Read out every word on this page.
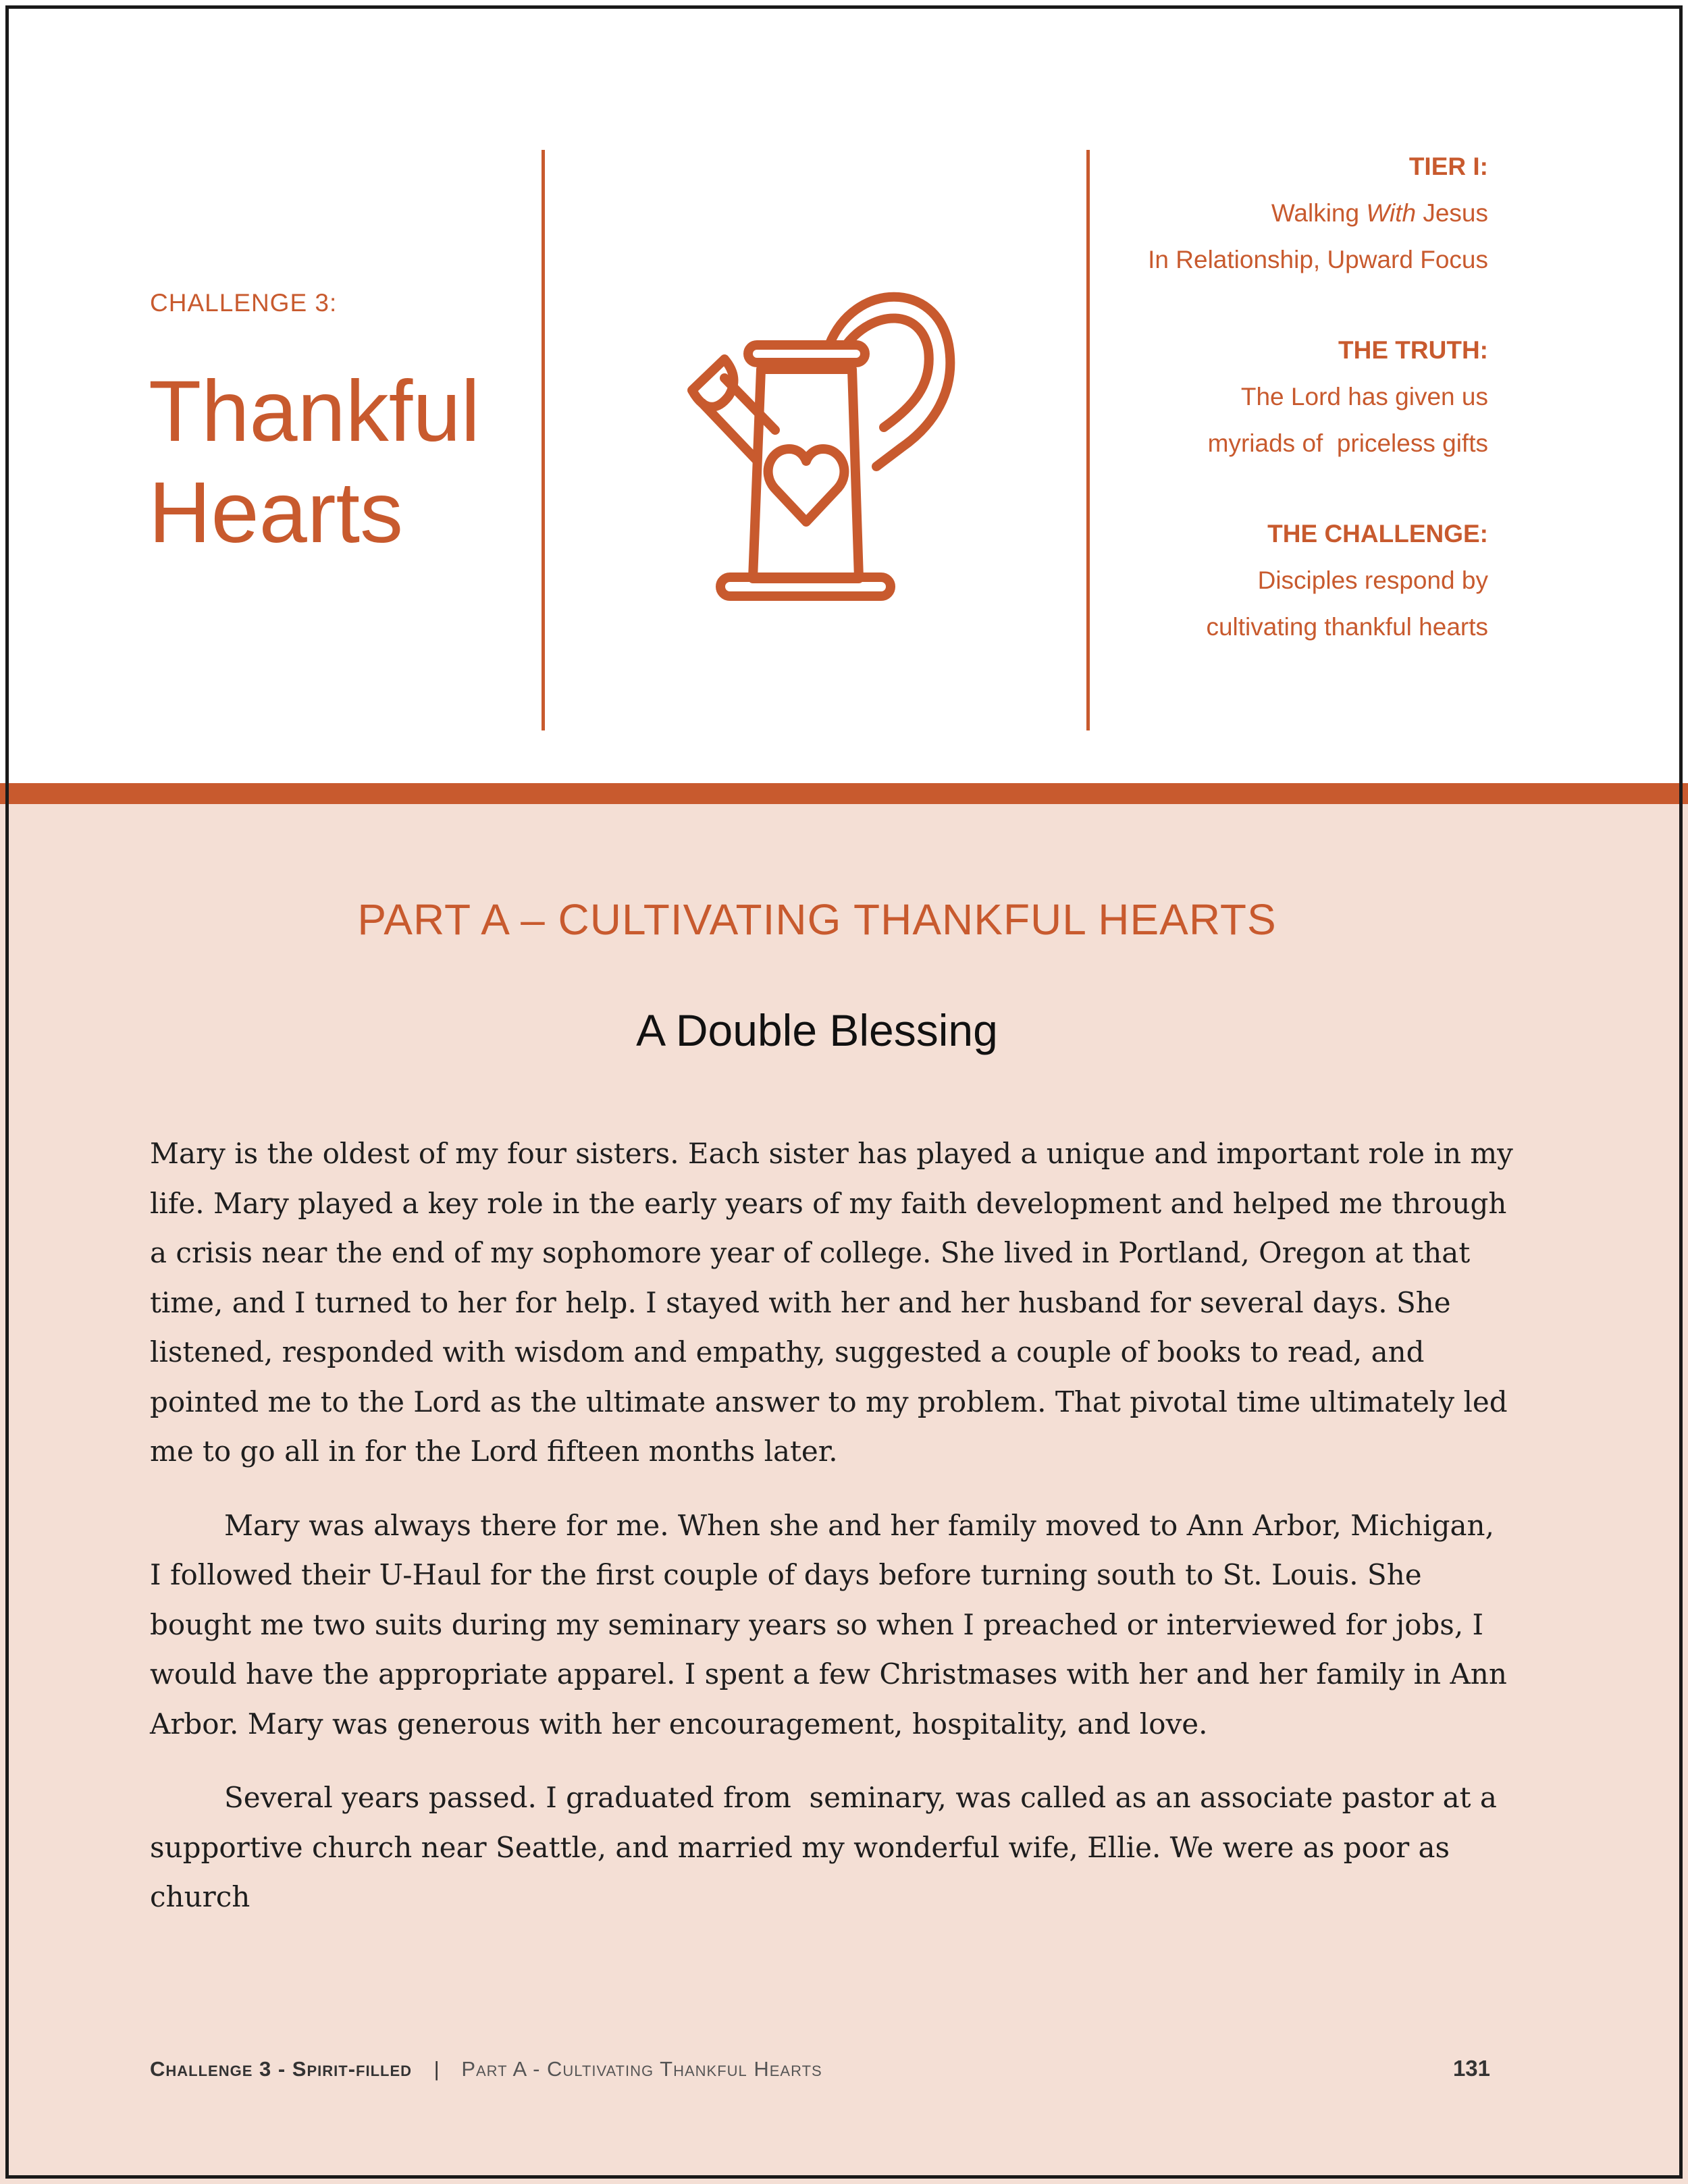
CHALLENGE 3:
Thankful
Hearts
TIER I:
Walking With Jesus
In Relationship, Upward Focus
THE TRUTH:
The Lord has given us
myriads of  priceless gifts
THE CHALLENGE:
Disciples respond by
cultivating thankful hearts
PART A – CULTIVATING THANKFUL HEARTS
A Double Blessing

Mary is the oldest of my four sisters. Each sister has played a unique and important role in my life. Mary played a key role in the early years of my faith development and helped me through a crisis near the end of my sophomore year of college. She lived in Portland, Oregon at that time, and I turned to her for help. I stayed with her and her husband for several days. She listened, responded with wisdom and empathy, suggested a couple of books to read, and pointed me to the Lord as the ultimate answer to my problem. That pivotal time ultimately led me to go all in for the Lord fifteen months later.

Mary was always there for me. When she and her family moved to Ann Arbor, Michigan, I followed their U-Haul for the first couple of days before turning south to St. Louis. She bought me two suits during my seminary years so when I preached or interviewed for jobs, I would have the appropriate apparel. I spent a few Christmases with her and her family in Ann Arbor. Mary was generous with her encouragement, hospitality, and love.

Several years passed. I graduated from  seminary, was called as an associate pastor at a supportive church near Seattle, and married my wonderful wife, Ellie. We were as poor as church

Challenge 3 - Spirit-filled | Part A - Cultivating Thankful Hearts	131
